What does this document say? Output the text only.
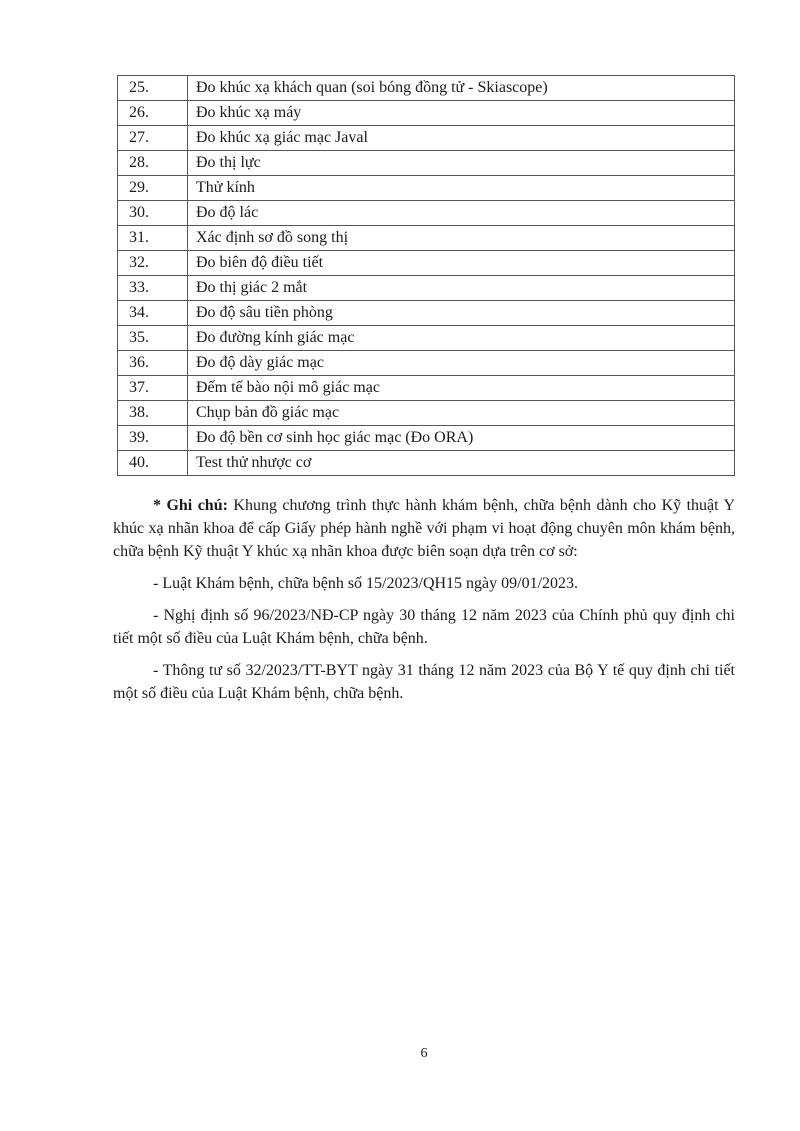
25.	Đo khúc xạ khách quan (soi bóng đồng tử - Skiascope)
26.	Đo khúc xạ máy
27.	Đo khúc xạ giác mạc Javal
28.	Đo thị lực
29.	Thử kính
30.	Đo độ lác
31.	Xác định sơ đồ song thị
32.	Đo biên độ điều tiết
33.	Đo thị giác 2 mắt
34.	Đo độ sâu tiền phòng
35.	Đo đường kính giác mạc
36.	Đo độ dày giác mạc
37.	Đếm tế bào nội mô giác mạc
38.	Chụp bản đồ giác mạc
39.	Đo độ bền cơ sinh học giác mạc (Đo ORA)
40.	Test thử nhược cơ

* Ghi chú: Khung chương trình thực hành khám bệnh, chữa bệnh dành cho Kỹ thuật Y khúc xạ nhãn khoa để cấp Giấy phép hành nghề với phạm vi hoạt động chuyên môn khám bệnh, chữa bệnh Kỹ thuật Y khúc xạ nhãn khoa được biên soạn dựa trên cơ sở:

- Luật Khám bệnh, chữa bệnh số 15/2023/QH15 ngày 09/01/2023.

- Nghị định số 96/2023/NĐ-CP ngày 30 tháng 12 năm 2023 của Chính phủ quy định chi tiết một số điều của Luật Khám bệnh, chữa bệnh.

- Thông tư số 32/2023/TT-BYT ngày 31 tháng 12 năm 2023 của Bộ Y tế quy định chi tiết một số điều của Luật Khám bệnh, chữa bệnh.

6
